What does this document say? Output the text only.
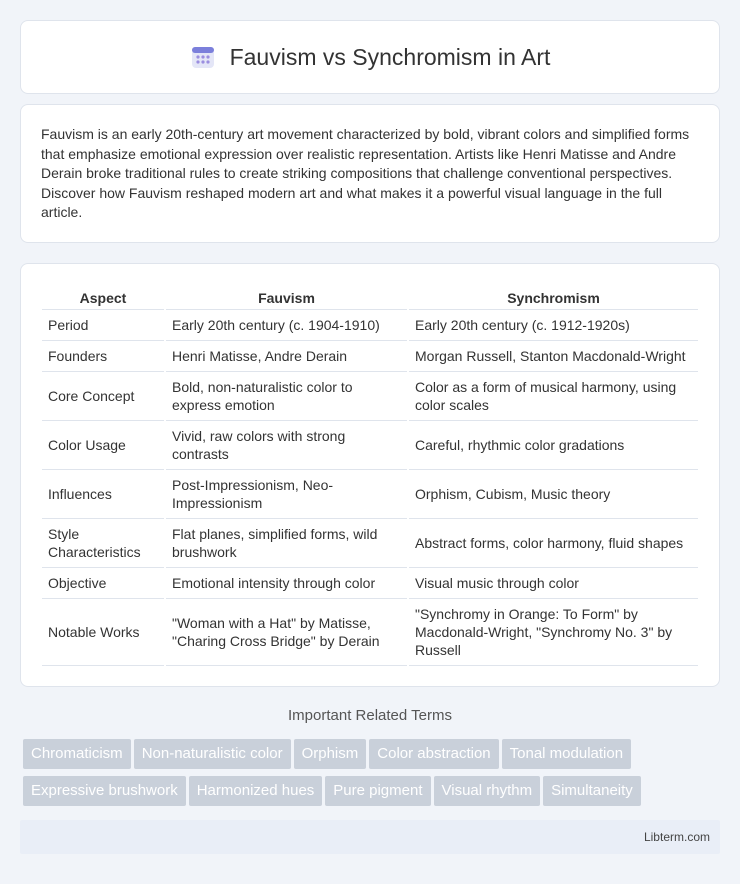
Fauvism vs Synchromism in Art

Fauvism is an early 20th-century art movement characterized by bold, vibrant colors and simplified forms that emphasize emotional expression over realistic representation. Artists like Henri Matisse and Andre Derain broke traditional rules to create striking compositions that challenge conventional perspectives. Discover how Fauvism reshaped modern art and what makes it a powerful visual language in the full article.

Aspect	Fauvism	Synchromism
Period	Early 20th century (c. 1904-1910)	Early 20th century (c. 1912-1920s)
Founders	Henri Matisse, Andre Derain	Morgan Russell, Stanton Macdonald-Wright
Core Concept	Bold, non-naturalistic color to express emotion	Color as a form of musical harmony, using color scales
Color Usage	Vivid, raw colors with strong contrasts	Careful, rhythmic color gradations
Influences	Post-Impressionism, Neo-Impressionism	Orphism, Cubism, Music theory
Style Characteristics	Flat planes, simplified forms, wild brushwork	Abstract forms, color harmony, fluid shapes
Objective	Emotional intensity through color	Visual music through color
Notable Works	"Woman with a Hat" by Matisse, "Charing Cross Bridge" by Derain	"Synchromy in Orange: To Form" by Macdonald-Wright, "Synchromy No. 3" by Russell
Important Related Terms
Chromaticism Non-naturalistic color Orphism Color abstraction Tonal modulationExpressive brushwork Harmonized hues Pure pigment Visual rhythm Simultaneity
Libterm.com
